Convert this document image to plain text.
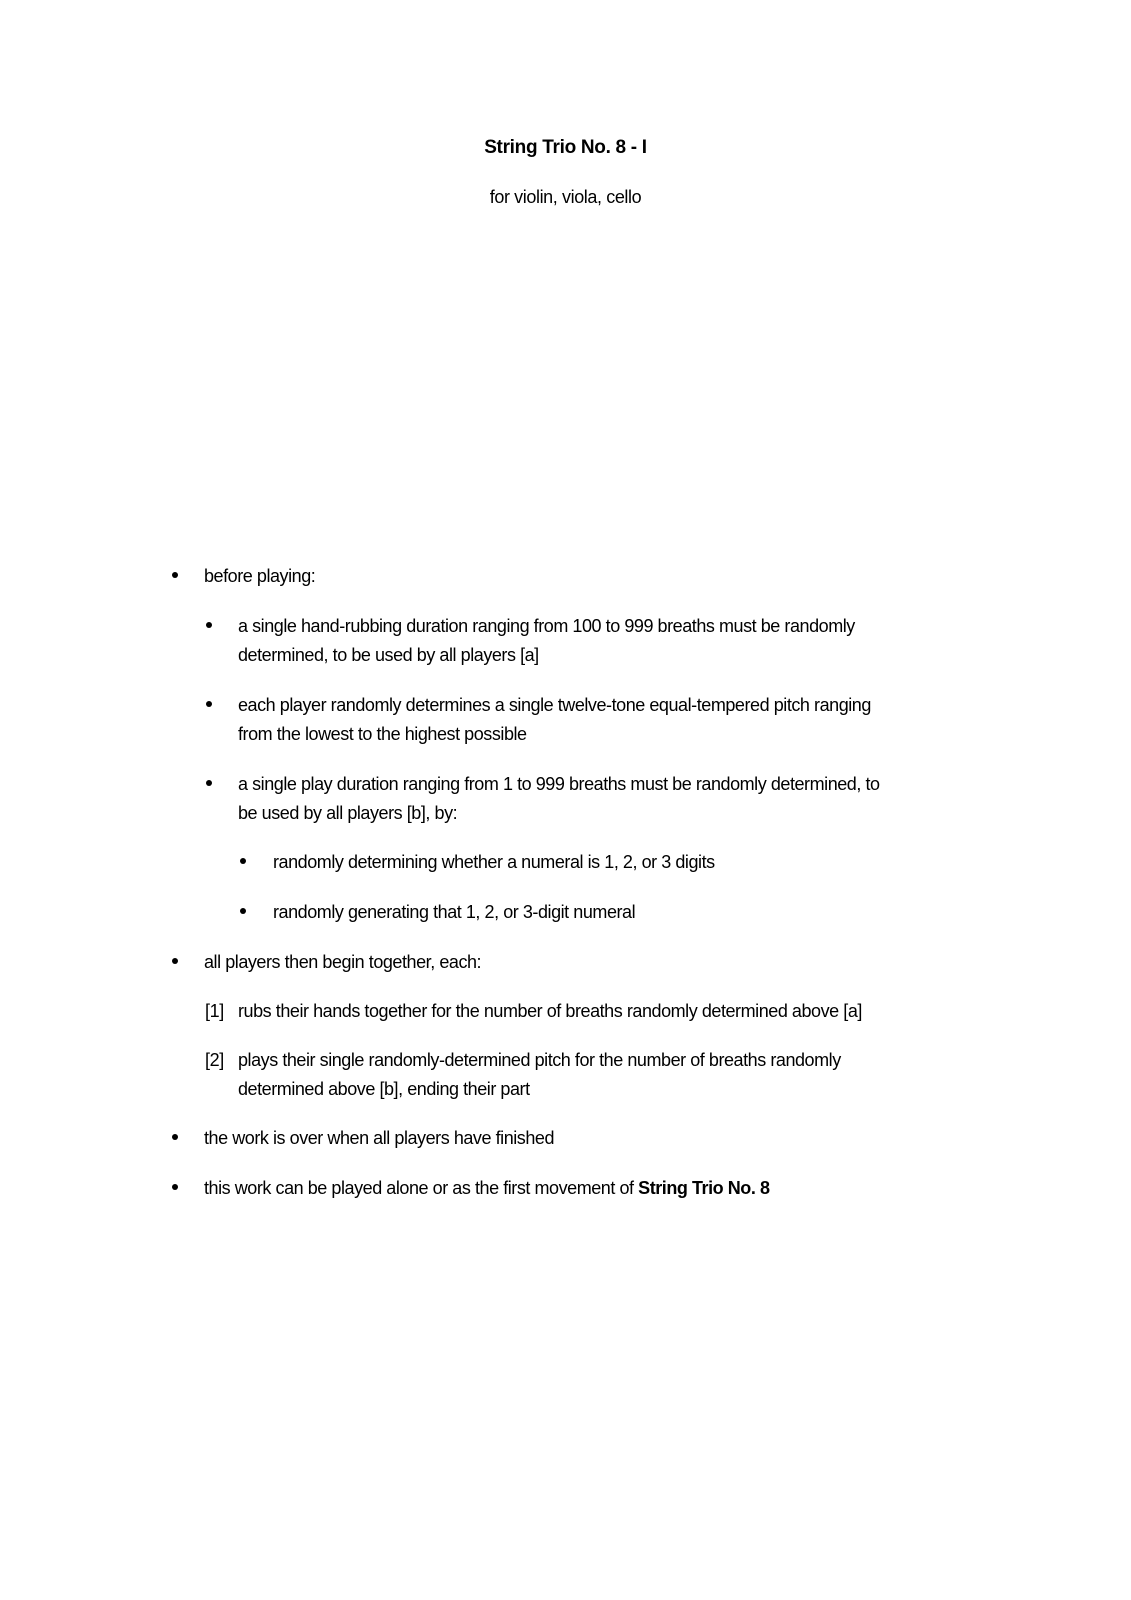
String Trio No. 8 - I
for violin, viola, cello
before playing:
a single hand-rubbing duration ranging from 100 to 999 breaths must be randomly
determined, to be used by all players [a]
each player randomly determines a single twelve-tone equal-tempered pitch ranging
from the lowest to the highest possible
a single play duration ranging from 1 to 999 breaths must be randomly determined, to
be used by all players [b], by:
randomly determining whether a numeral is 1, 2, or 3 digits
randomly generating that 1, 2, or 3-digit numeral
all players then begin together, each:
[1] rubs their hands together for the number of breaths randomly determined above [a]
[2] plays their single randomly-determined pitch for the number of breaths randomly
determined above [b], ending their part
the work is over when all players have finished
this work can be played alone or as the first movement of String Trio No. 8
